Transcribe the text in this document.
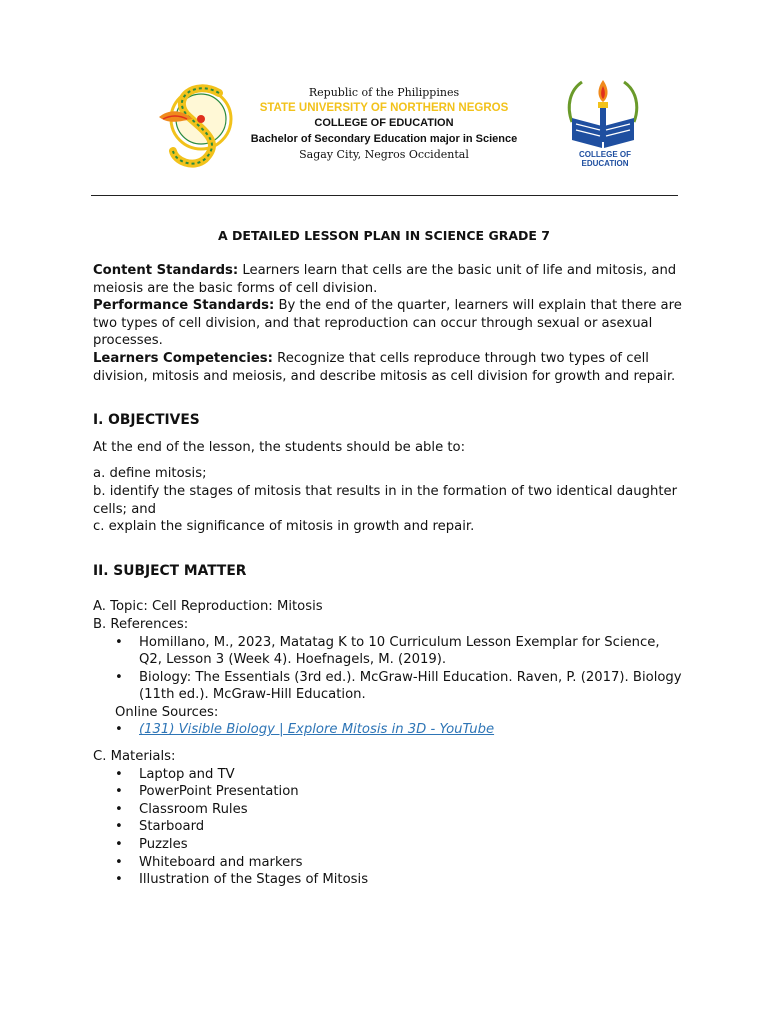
Republic of the Philippines
STATE UNIVERSITY OF NORTHERN NEGROS
COLLEGE OF EDUCATION
Bachelor of Secondary Education major in Science
Sagay City, Negros Occidental	COLLEGE OF EDUCATION
A DETAILED LESSON PLAN IN SCIENCE GRADE 7

Content Standards: Learners learn that cells are the basic unit of life and mitosis, and meiosis are the basic forms of cell division.

Performance Standards: By the end of the quarter, learners will explain that there are two types of cell division, and that reproduction can occur through sexual or asexual processes.

Learners Competencies: Recognize that cells reproduce through two types of cell division, mitosis and meiosis, and describe mitosis as cell division for growth and repair.

I. OBJECTIVES

At the end of the lesson, the students should be able to:

a. define mitosis;

b. identify the stages of mitosis that results in in the formation of two identical daughter cells; and

c. explain the significance of mitosis in growth and repair.

II. SUBJECT MATTER

A. Topic: Cell Reproduction: Mitosis

B. References:

• Homillano, M., 2023, Matatag K to 10 Curriculum Lesson Exemplar for Science, Q2, Lesson 3 (Week 4). Hoefnagels, M. (2019).
• Biology: The Essentials (3rd ed.). McGraw-Hill Education. Raven, P. (2017). Biology (11th ed.). McGraw-Hill Education.

Online Sources:

• (131) Visible Biology | Explore Mitosis in 3D - YouTube

C. Materials:

• Laptop and TV
• PowerPoint Presentation
• Classroom Rules
• Starboard
• Puzzles
• Whiteboard and markers
• Illustration of the Stages of Mitosis
